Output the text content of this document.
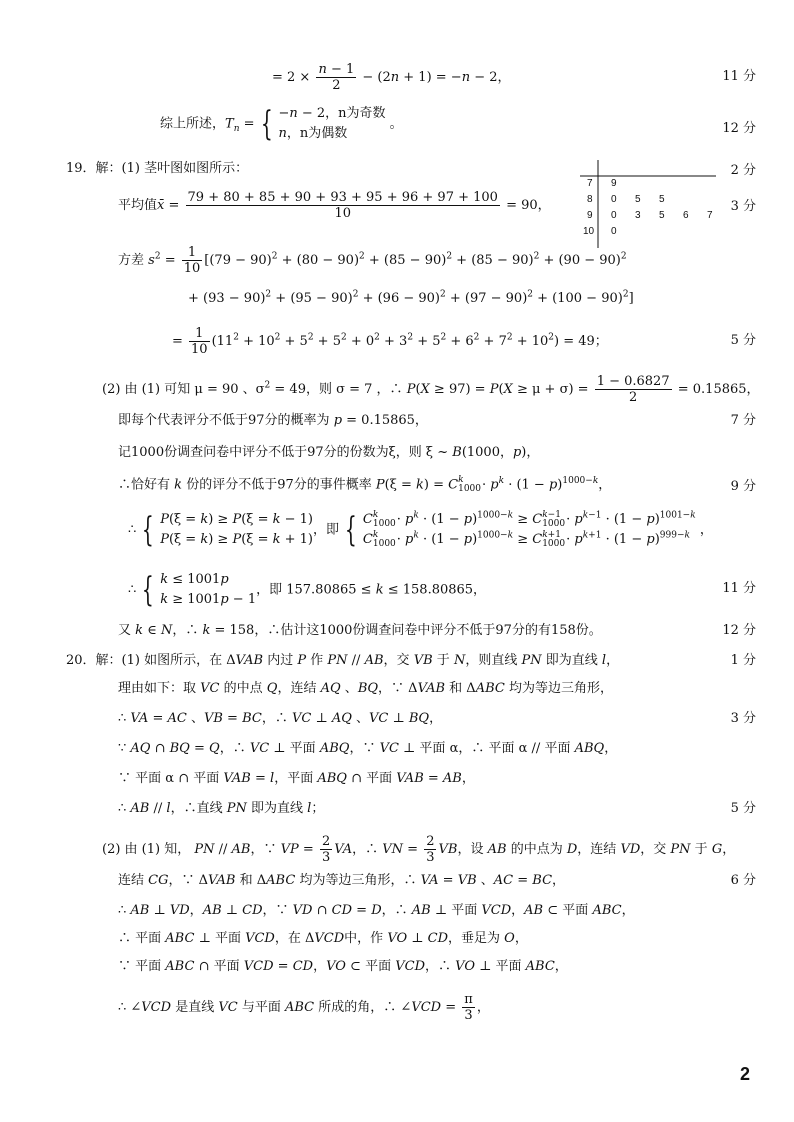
= $2 \times \frac{n - 1}{2} - (2n + 1) = -n - 2$，	11 分
综上所述，$T_n$ = { −n − 2，n为奇数
n，n为偶数
。	12 分
19．解：(1) 茎叶图如图所示：
7 9
8 0 5 5
9 0 3 5 6 7
10 0
2 分
平均值x̄ = $\frac{79 + 80 + 85 + 90 + 93 + 95 + 96 + 97 + 100}{10} = 90$，	3 分
方差 $s^2 = \frac{1}{10} [(79 - 90)^2 + (80 - 90)^2 + (85 - 90)^2 + (85 - 90)^2 + (90 - 90)^2$
+ $(93 - 90)^2 + (95 - 90)^2 + (96 - 90)^2 + (97 - 90)^2 + (100 - 90)^2$]
= $\frac{1}{10} (11^2 + 10^2 + 5^2 + 5^2 + 0^2 + 3^2 + 5^2 + 6^2 + 7^2 + 10^2) = 49$；	5 分
(2) 由 (1) 可知 μ = 90 、$\sigma^2 = 49$，则 σ = 7 ，∴ $P(X \ge 97) = P(X \ge \mu + \sigma) = \frac{1 - 0.6827}{2} = 0.15865$，
即每个代表评分不低于97分的概率为 p = 0.15865，	7 分
记1000份调查问卷中评分不低于97分的份数为ξ，则 ξ ~ B(1000，p)，
∴恰好有 k 份的评分不低于97分的事件概率 P(ξ = k) = C k
$1000 \cdot p^k \cdot (1 - p)^{1000-k}$，	9 分
∴ { P(ξ = k) ≥ P(ξ = k − 1)
P(ξ = k) ≥ P(ξ = k + 1)
，即 { C k
$1000 \cdot p^k \cdot (1 - p)^{1000-k} \ge C$ k−1
$1000 \cdot p^{k-1} \cdot (1 - p)^{1001-k}$
C k
$1000 \cdot p^k \cdot (1 - p)^{1000-k} \ge C$ k+1
$1000 \cdot p^{k+1} \cdot (1 - p)^{999-k}$ ，
∴ { k ≤ 1001p
k ≥ 1001p − 1
，即 157.80865 ≤ k ≤ 158.80865，	11 分
又 k ∈ N，∴ k = 158，∴估计这1000份调查问卷中评分不低于97分的有158份。	12 分
20．解：(1) 如图所示，在 ΔVAB 内过 P 作 PN // AB，交 VB 于 N，则直线 PN 即为直线 l，	1 分
理由如下：取 VC 的中点 Q，连结 AQ 、BQ，∵ ΔVAB 和 ΔABC 均为等边三角形，
∴ VA = AC 、VB = BC，∴ VC ⊥ AQ 、VC ⊥ BQ，	3 分
∵ AQ ∩ BQ = Q，∴ VC ⊥ 平面 ABQ，∵ VC ⊥ 平面 α，∴ 平面 α // 平面 ABQ，
∵ 平面 α ∩ 平面 VAB = l，平面 ABQ ∩ 平面 VAB = AB，
∴ AB // l，∴直线 PN 即为直线 l；	5 分
(2) 由 (1) 知， PN // AB，∵ VP = $\frac{2}{3}$ VA，∴ VN = $\frac{2}{3}$ VB，设 AB 的中点为 D，连结 VD，交 PN 于 G，
连结 CG，∵ ΔVAB 和 ΔABC 均为等边三角形，∴ VA = VB 、AC = BC，	6 分
∴ AB ⊥ VD，AB ⊥ CD，∵ VD ∩ CD = D，∴ AB ⊥ 平面 VCD，AB ⊂ 平面 ABC，
∴ 平面 ABC ⊥ 平面 VCD，在 ΔVCD中，作 VO ⊥ CD，垂足为 O，
∵ 平面 ABC ∩ 平面 VCD = CD，VO ⊂ 平面 VCD，∴ VO ⊥ 平面 ABC，
∴ ∠VCD 是直线 VC 与平面 ABC 所成的角，∴ ∠VCD = $\frac{\pi}{3}$ ，
2
